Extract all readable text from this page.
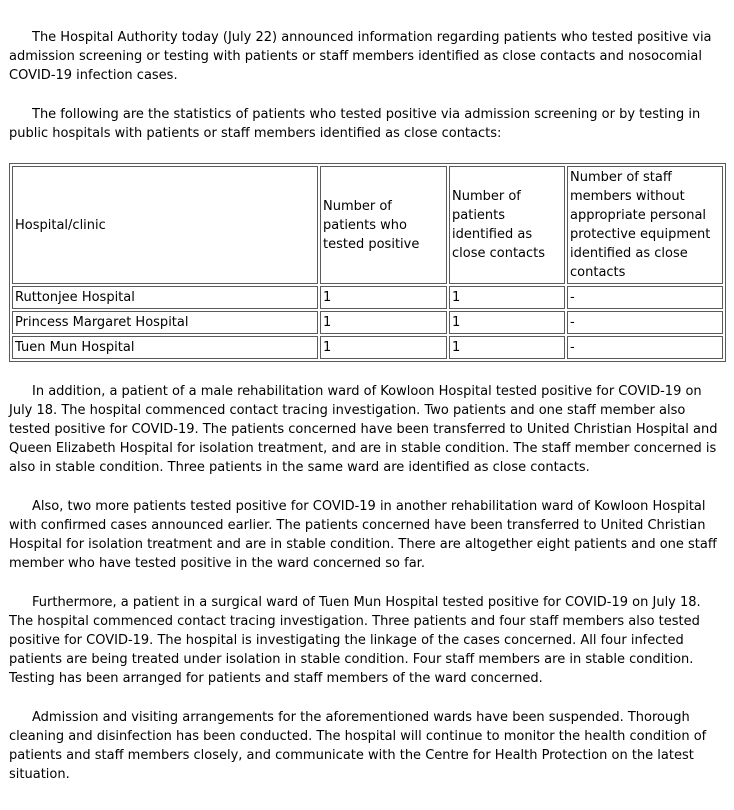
The Hospital Authority today (July 22) announced information regarding patients who tested positive via admission screening or testing with patients or staff members identified as close contacts and nosocomial COVID-19 infection cases.

The following are the statistics of patients who tested positive via admission screening or by testing in public hospitals with patients or staff members identified as close contacts:

Hospital/clinic	Number of patients who tested positive	Number of patients identified as close contacts	Number of staff members without appropriate personal protective equipment identified as close contacts
Ruttonjee Hospital	1	1	-
Princess Margaret Hospital	1	1	-
Tuen Mun Hospital	1	1	-

In addition, a patient of a male rehabilitation ward of Kowloon Hospital tested positive for COVID-19 on July 18. The hospital commenced contact tracing investigation. Two patients and one staff member also tested positive for COVID-19. The patients concerned have been transferred to United Christian Hospital and Queen Elizabeth Hospital for isolation treatment, and are in stable condition. The staff member concerned is also in stable condition. Three patients in the same ward are identified as close contacts.

Also, two more patients tested positive for COVID-19 in another rehabilitation ward of Kowloon Hospital with confirmed cases announced earlier. The patients concerned have been transferred to United Christian Hospital for isolation treatment and are in stable condition. There are altogether eight patients and one staff member who have tested positive in the ward concerned so far.

Furthermore, a patient in a surgical ward of Tuen Mun Hospital tested positive for COVID-19 on July 18. The hospital commenced contact tracing investigation. Three patients and four staff members also tested positive for COVID-19. The hospital is investigating the linkage of the cases concerned. All four infected patients are being treated under isolation in stable condition. Four staff members are in stable condition. Testing has been arranged for patients and staff members of the ward concerned.

Admission and visiting arrangements for the aforementioned wards have been suspended. Thorough cleaning and disinfection has been conducted. The hospital will continue to monitor the health condition of patients and staff members closely, and communicate with the Centre for Health Protection on the latest situation.
